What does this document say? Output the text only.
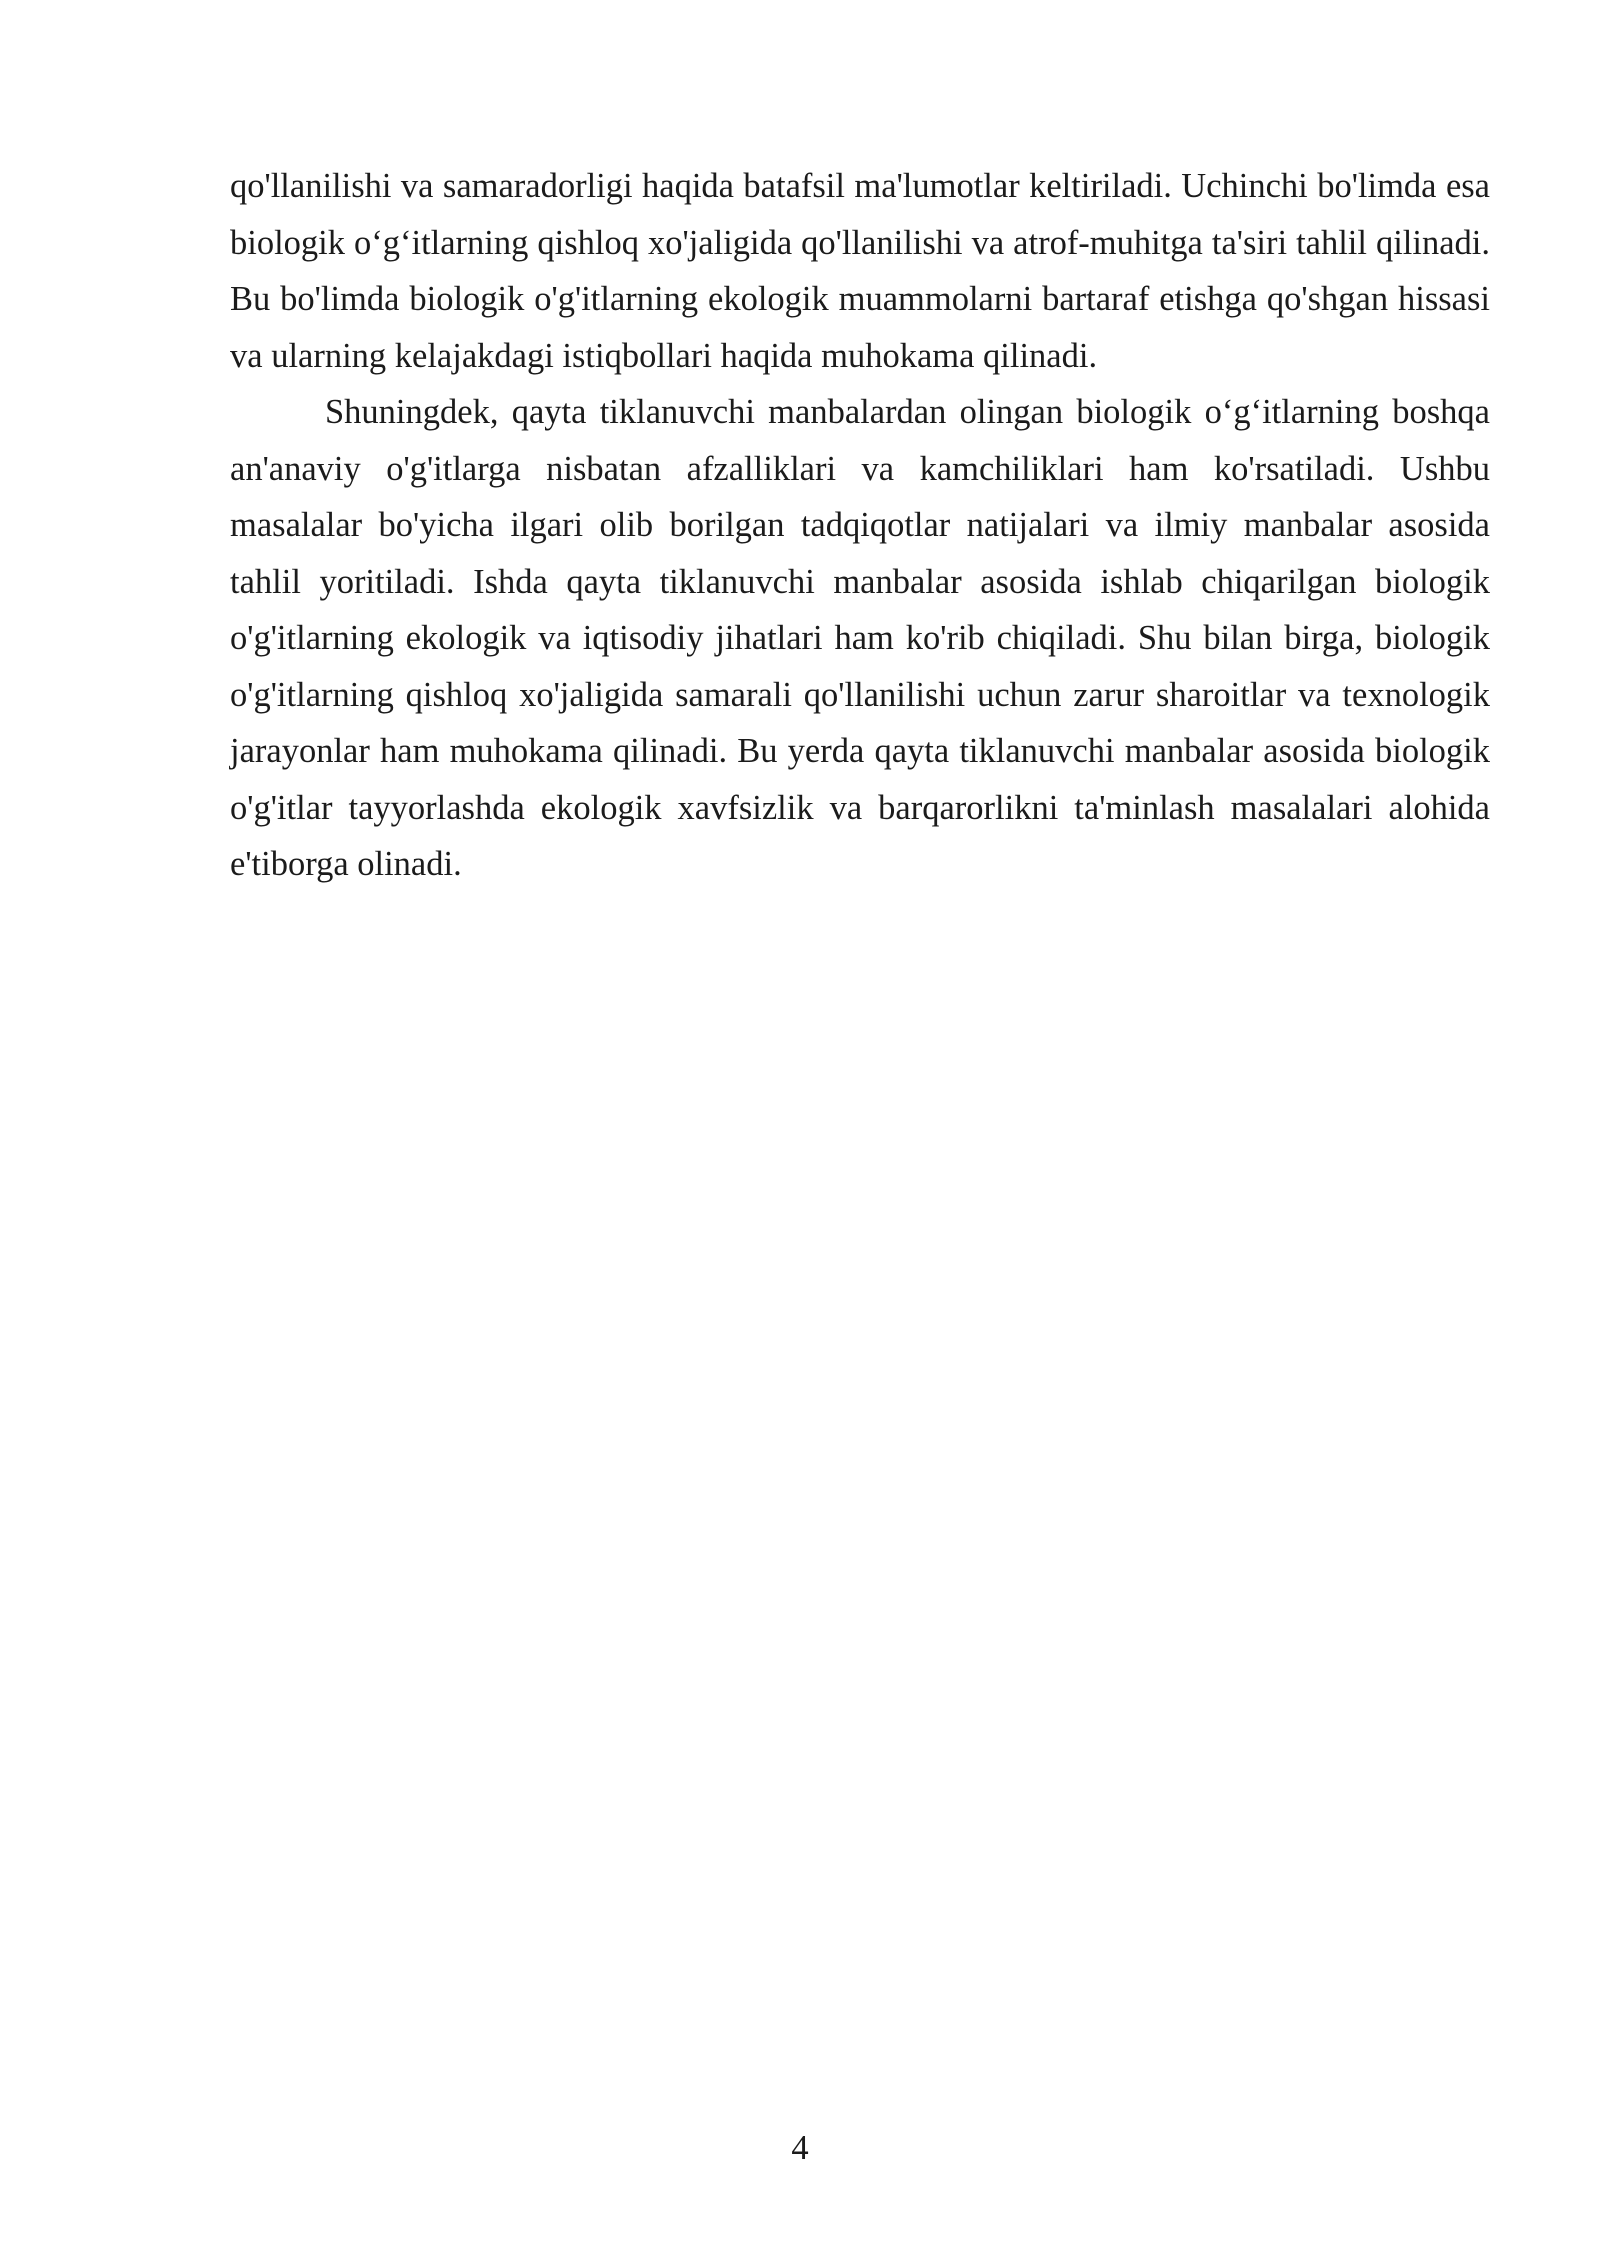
qo'llanilishi va samaradorligi haqida batafsil ma'lumotlar keltiriladi. Uchinchi bo'limda esa biologik o‘g‘itlarning qishloq xo'jaligida qo'llanilishi va atrof-muhitga ta'siri tahlil qilinadi. Bu bo'limda biologik o'g'itlarning ekologik muammolarni bartaraf etishga qo'shgan hissasi va ularning kelajakdagi istiqbollari haqida muhokama qilinadi.

Shuningdek, qayta tiklanuvchi manbalardan olingan biologik o‘g‘itlarning boshqa an'anaviy o'g'itlarga nisbatan afzalliklari va kamchiliklari ham ko'rsatiladi. Ushbu masalalar bo'yicha ilgari olib borilgan tadqiqotlar natijalari va ilmiy manbalar asosida tahlil yoritiladi. Ishda qayta tiklanuvchi manbalar asosida ishlab chiqarilgan biologik o'g'itlarning ekologik va iqtisodiy jihatlari ham ko'rib chiqiladi. Shu bilan birga, biologik o'g'itlarning qishloq xo'jaligida samarali qo'llanilishi uchun zarur sharoitlar va texnologik jarayonlar ham muhokama qilinadi. Bu yerda qayta tiklanuvchi manbalar asosida biologik o'g'itlar tayyorlashda ekologik xavfsizlik va barqarorlikni ta'minlash masalalari alohida e'tiborga olinadi.

4
